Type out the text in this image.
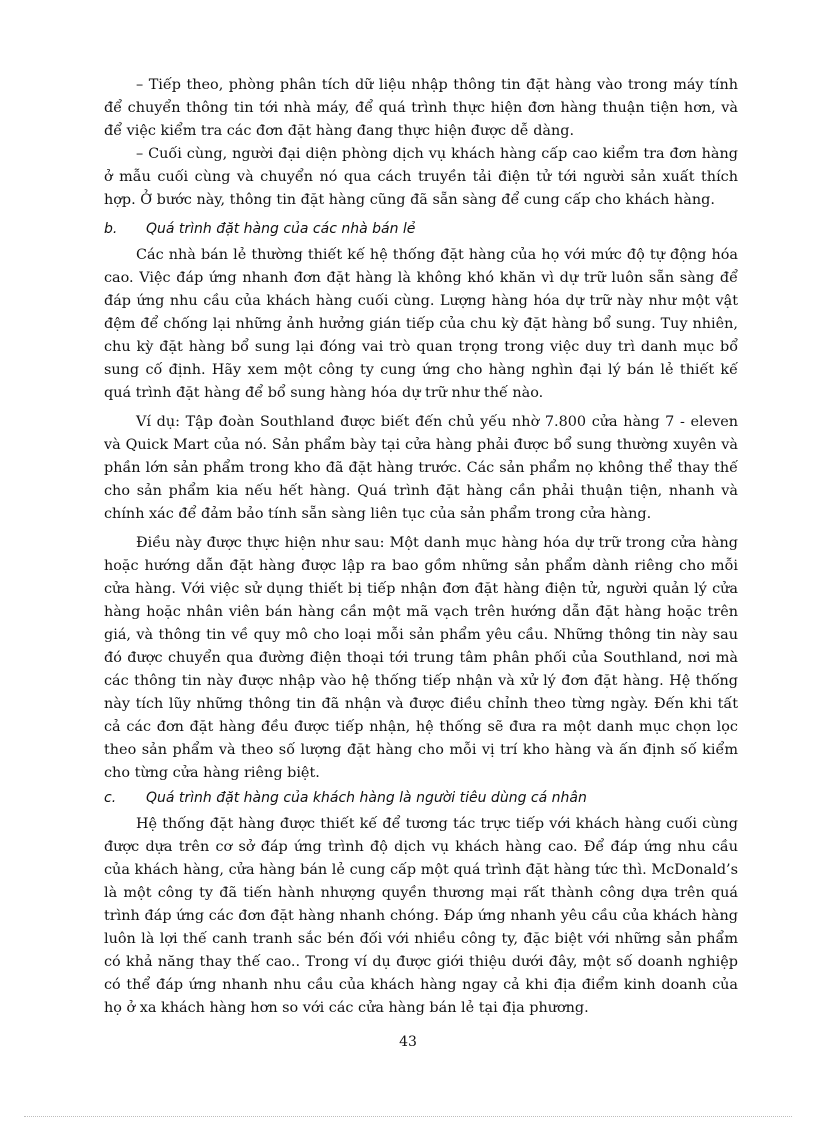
– Tiếp theo, phòng phân tích dữ liệu nhập thông tin đặt hàng vào trong máy tính để chuyển thông tin tới nhà máy, để quá trình thực hiện đơn hàng thuận tiện hơn, và để việc kiểm tra các đơn đặt hàng đang thực hiện được dễ dàng.

– Cuối cùng, người đại diện phòng dịch vụ khách hàng cấp cao kiểm tra đơn hàng ở mẫu cuối cùng và chuyển nó qua cách truyền tải điện tử tới người sản xuất thích hợp. Ở bước này, thông tin đặt hàng cũng đã sẵn sàng để cung cấp cho khách hàng.

b.	Quá trình đặt hàng của các nhà bán lẻ

Các nhà bán lẻ thường thiết kế hệ thống đặt hàng của họ với mức độ tự động hóa cao. Việc đáp ứng nhanh đơn đặt hàng là không khó khăn vì dự trữ luôn sẵn sàng để đáp ứng nhu cầu của khách hàng cuối cùng. Lượng hàng hóa dự trữ này như một vật đệm để chống lại những ảnh hưởng gián tiếp của chu kỳ đặt hàng bổ sung. Tuy nhiên, chu kỳ đặt hàng bổ sung lại đóng vai trò quan trọng trong việc duy trì danh mục bổ sung cố định. Hãy xem một công ty cung ứng cho hàng nghìn đại lý bán lẻ thiết kế quá trình đặt hàng để bổ sung hàng hóa dự trữ như thế nào.

Ví dụ: Tập đoàn Southland được biết đến chủ yếu nhờ 7.800 cửa hàng 7 - eleven và Quick Mart của nó. Sản phẩm bày tại cửa hàng phải được bổ sung thường xuyên và phần lớn sản phẩm trong kho đã đặt hàng trước. Các sản phẩm nọ không thể thay thế cho sản phẩm kia nếu hết hàng. Quá trình đặt hàng cần phải thuận tiện, nhanh và chính xác để đảm bảo tính sẵn sàng liên tục của sản phẩm trong cửa hàng.

Điều này được thực hiện như sau: Một danh mục hàng hóa dự trữ trong cửa hàng hoặc hướng dẫn đặt hàng được lập ra bao gồm những sản phẩm dành riêng cho mỗi cửa hàng. Với việc sử dụng thiết bị tiếp nhận đơn đặt hàng điện tử, người quản lý cửa hàng hoặc nhân viên bán hàng cần một mã vạch trên hướng dẫn đặt hàng hoặc trên giá, và thông tin về quy mô cho loại mỗi sản phẩm yêu cầu. Những thông tin này sau đó được chuyển qua đường điện thoại tới trung tâm phân phối của Southland, nơi mà các thông tin này được nhập vào hệ thống tiếp nhận và xử lý đơn đặt hàng. Hệ thống này tích lũy những thông tin đã nhận và được điều chỉnh theo từng ngày. Đến khi tất cả các đơn đặt hàng đều được tiếp nhận, hệ thống sẽ đưa ra một danh mục chọn lọc theo sản phẩm và theo số lượng đặt hàng cho mỗi vị trí kho hàng và ấn định số kiểm cho từng cửa hàng riêng biệt.

c.	Quá trình đặt hàng của khách hàng là người tiêu dùng cá nhân

Hệ thống đặt hàng được thiết kế để tương tác trực tiếp với khách hàng cuối cùng được dựa trên cơ sở đáp ứng trình độ dịch vụ khách hàng cao. Để đáp ứng nhu cầu của khách hàng, cửa hàng bán lẻ cung cấp một quá trình đặt hàng tức thì. McDonald’s là một công ty đã tiến hành nhượng quyền thương mại rất thành công dựa trên quá trình đáp ứng các đơn đặt hàng nhanh chóng. Đáp ứng nhanh yêu cầu của khách hàng luôn là lợi thế canh tranh sắc bén đối với nhiều công ty, đặc biệt với những sản phẩm có khả năng thay thế cao.. Trong ví dụ được giới thiệu dưới đây, một số doanh nghiệp có thể đáp ứng nhanh nhu cầu của khách hàng ngay cả khi địa điểm kinh doanh của họ ở xa khách hàng hơn so với các cửa hàng bán lẻ tại địa phương.

43
